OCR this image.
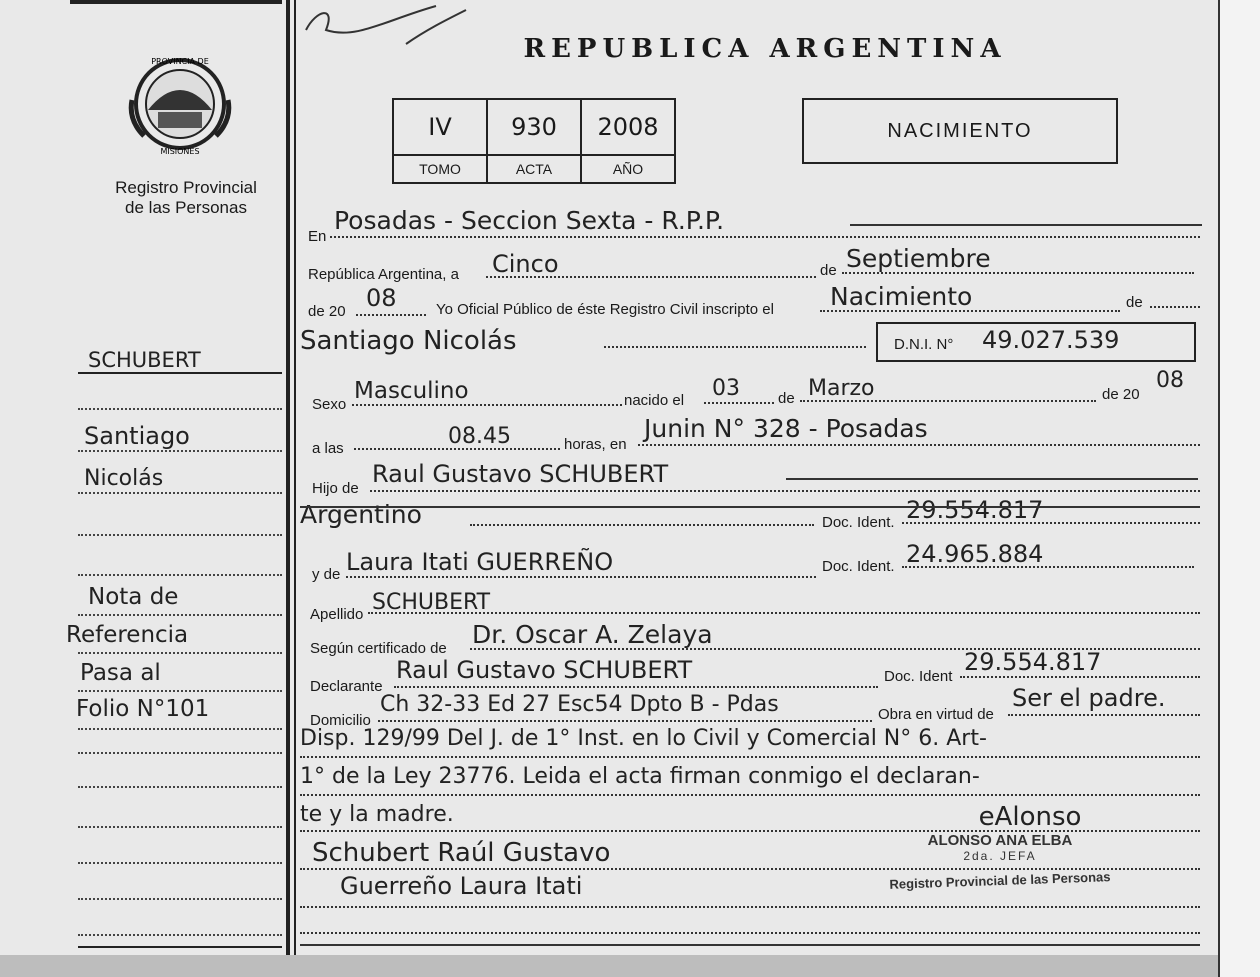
PROVINCIA DE
MISIONES
Registro Provincial
de las Personas
SCHUBERT
Santiago
Nicolás
Nota de
Referencia
Pasa al
Folio N°101
REPUBLICA ARGENTINA
IV	930	2008
TOMO	ACTA	AÑO
NACIMIENTO
En
Posadas - Seccion Sexta - R.P.P.
República Argentina, a Cinco	de Septiembre
de 20 08	Yo Oficial Público de éste Registro Civil inscripto el Nacimiento	de
Santiago Nicolás	D.N.I. N° 49.027.539
Sexo
Masculino	nacido el 03	de Marzo	de 20
08
a las	08.45	horas, en
Junin N° 328 - Posadas
Hijo de
Raul Gustavo SCHUBERT
Argentino	Doc. Ident. 29.554.817
y de Laura Itati GUERREÑO	Doc. Ident. 24.965.884
Apellido SCHUBERT
Según certificado de Dr. Oscar A. Zelaya
Declarante
Raul Gustavo SCHUBERT	Doc. Ident
29.554.817
Domicilio
Ch 32-33 Ed 27 Esc54 Dpto B - Pdas	Obra en virtud de
Ser el padre.
Disp. 129/99 Del J. de 1° Inst. en lo Civil y Comercial N° 6. Art-
1° de la Ley 23776. Leida el acta firman conmigo el declaran-
te y la madre.
Schubert Raúl Gustavo
Guerreño Laura Itati
eAlonso
ALONSO ANA ELBA
2da. JEFA
Registro Provincial de las Personas
